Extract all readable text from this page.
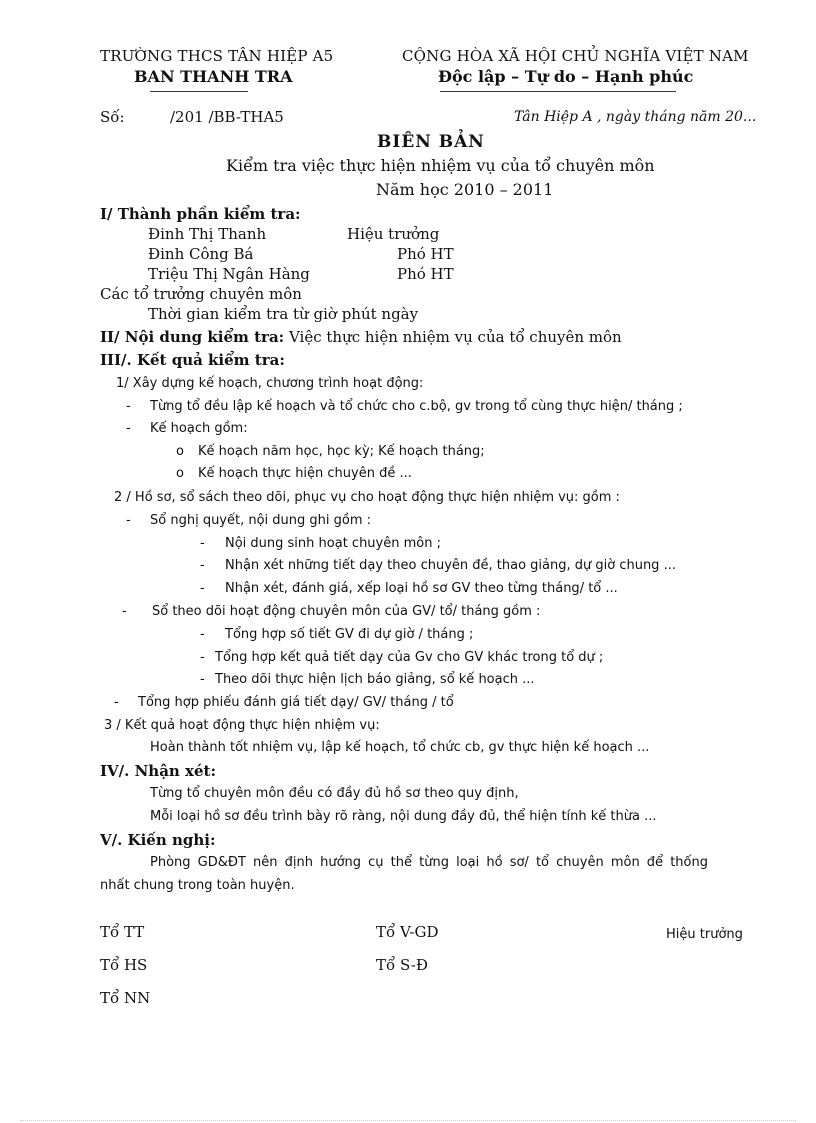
TRƯỜNG THCS TÂN HIỆP A5
BAN THANH TRA
CỘNG HÒA XÃ HỘI CHỦ NGHĨA VIỆT NAM
Độc lập – Tự do – Hạnh phúc
Số:	/201 /BB-THA5	Tân Hiệp A , ngày tháng năm 20...
BIÊN BẢN
Kiểm tra việc thực hiện nhiệm vụ của tổ chuyên môn
Năm học 2010 – 2011
I/ Thành phần kiểm tra:
Đinh Thị Thanh	Hiệu trưởng
Đinh Công Bá	Phó HT
Triệu Thị Ngân Hàng	Phó HT
Các tổ trưởng chuyên môn
Thời gian kiểm tra từ giờ phút ngày
II/ Nội dung kiểm tra: Việc thực hiện nhiệm vụ của tổ chuyên môn
III/. Kết quả kiểm tra:
1/ Xây dựng kế hoạch, chương trình hoạt động:
- Từng tổ đều lập kế hoạch và tổ chức cho c.bộ, gv trong tổ cùng thực hiện/ tháng ;
- Kế hoạch gồm:
o Kế hoạch năm học, học kỳ; Kế hoạch tháng;
o Kế hoạch thực hiện chuyên đề ...
2 / Hồ sơ, sổ sách theo dõi, phục vụ cho hoạt động thực hiện nhiệm vụ: gồm :
- Sổ nghị quyết, nội dung ghi gồm :
- Nội dung sinh hoạt chuyên môn ;
- Nhận xét những tiết dạy theo chuyên đề, thao giảng, dự giờ chung ...
- Nhận xét, đánh giá, xếp loại hồ sơ GV theo từng tháng/ tổ ...
- Sổ theo dõi hoạt động chuyên môn của GV/ tổ/ tháng gồm :
- Tổng hợp số tiết GV đi dự giờ / tháng ;
- Tổng hợp kết quả tiết dạy của Gv cho GV khác trong tổ dự ;
- Theo dõi thực hiện lịch báo giảng, sổ kế hoạch ...
- Tổng hợp phiếu đánh giá tiết dạy/ GV/ tháng / tổ
3 / Kết quả hoạt động thực hiện nhiệm vụ:
Hoàn thành tốt nhiệm vụ, lập kế hoạch, tổ chức cb, gv thực hiện kế hoạch ...
IV/. Nhận xét:
Từng tổ chuyên môn đều có đầy đủ hồ sơ theo quy định,
Mỗi loại hồ sơ đều trình bày rõ ràng, nội dung đầy đủ, thể hiện tính kế thừa ...
V/. Kiến nghị:
Phòng GD&ĐT nên định hướng cụ thể từng loại hồ sơ/ tổ chuyên môn để thống
nhất chung trong toàn huyện.
Tổ TT	Tổ V-GD	Hiệu trưởng
Tổ HS	Tổ S-Đ
Tổ NN
